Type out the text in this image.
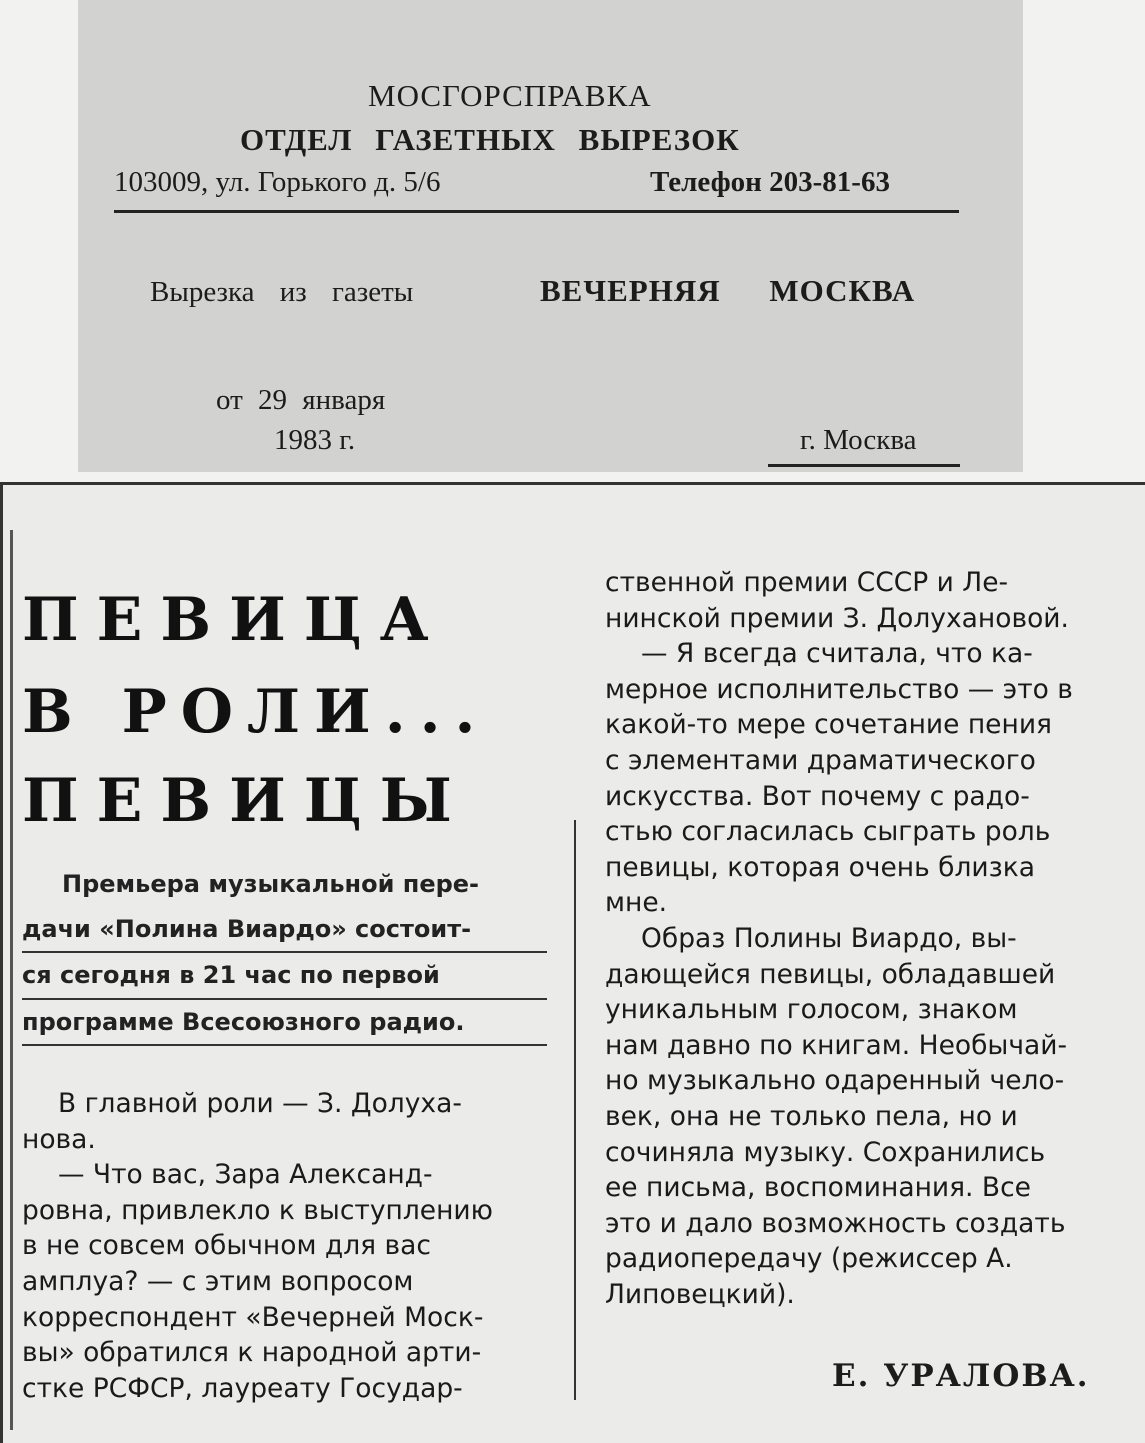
МОСГОРСПРАВКА
ОТДЕЛ ГАЗЕТНЫХ ВЫРЕЗОК
103009, ул. Горького д. 5/6	Телефон 203-81-63
Вырезка из газеты	ВЕЧЕРНЯЯ МОСКВА
от 29 января
1983 г.	г. Москва
ПЕВИЦА
В РОЛИ...
ПЕВИЦЫ
Премьера музыкальной пере-
дачи «Полина Виардо» состоит-
ся сегодня в 21 час по первой
программе Всесоюзного радио.
В главной роли — З. Долуха-
нова.
— Что вас, Зара Александ-
ровна, привлекло к выступлению
в не совсем обычном для вас
амплуа? — с этим вопросом
корреспондент «Вечерней Моск-
вы» обратился к народной арти-
стке РСФСР, лауреату Государ-
ственной премии СССР и Ле-
нинской премии З. Долухановой.
— Я всегда считала, что ка-
мерное исполнительство — это в
какой-то мере сочетание пения
с элементами драматического
искусства. Вот почему с радо-
стью согласилась сыграть роль
певицы, которая очень близка
мне.
Образ Полины Виардо, вы-
дающейся певицы, обладавшей
уникальным голосом, знаком
нам давно по книгам. Необычай-
но музыкально одаренный чело-
век, она не только пела, но и
сочиняла музыку. Сохранились
ее письма, воспоминания. Все
это и дало возможность создать
радиопередачу (режиссер А.
Липовецкий).
Е. УРАЛОВА.
